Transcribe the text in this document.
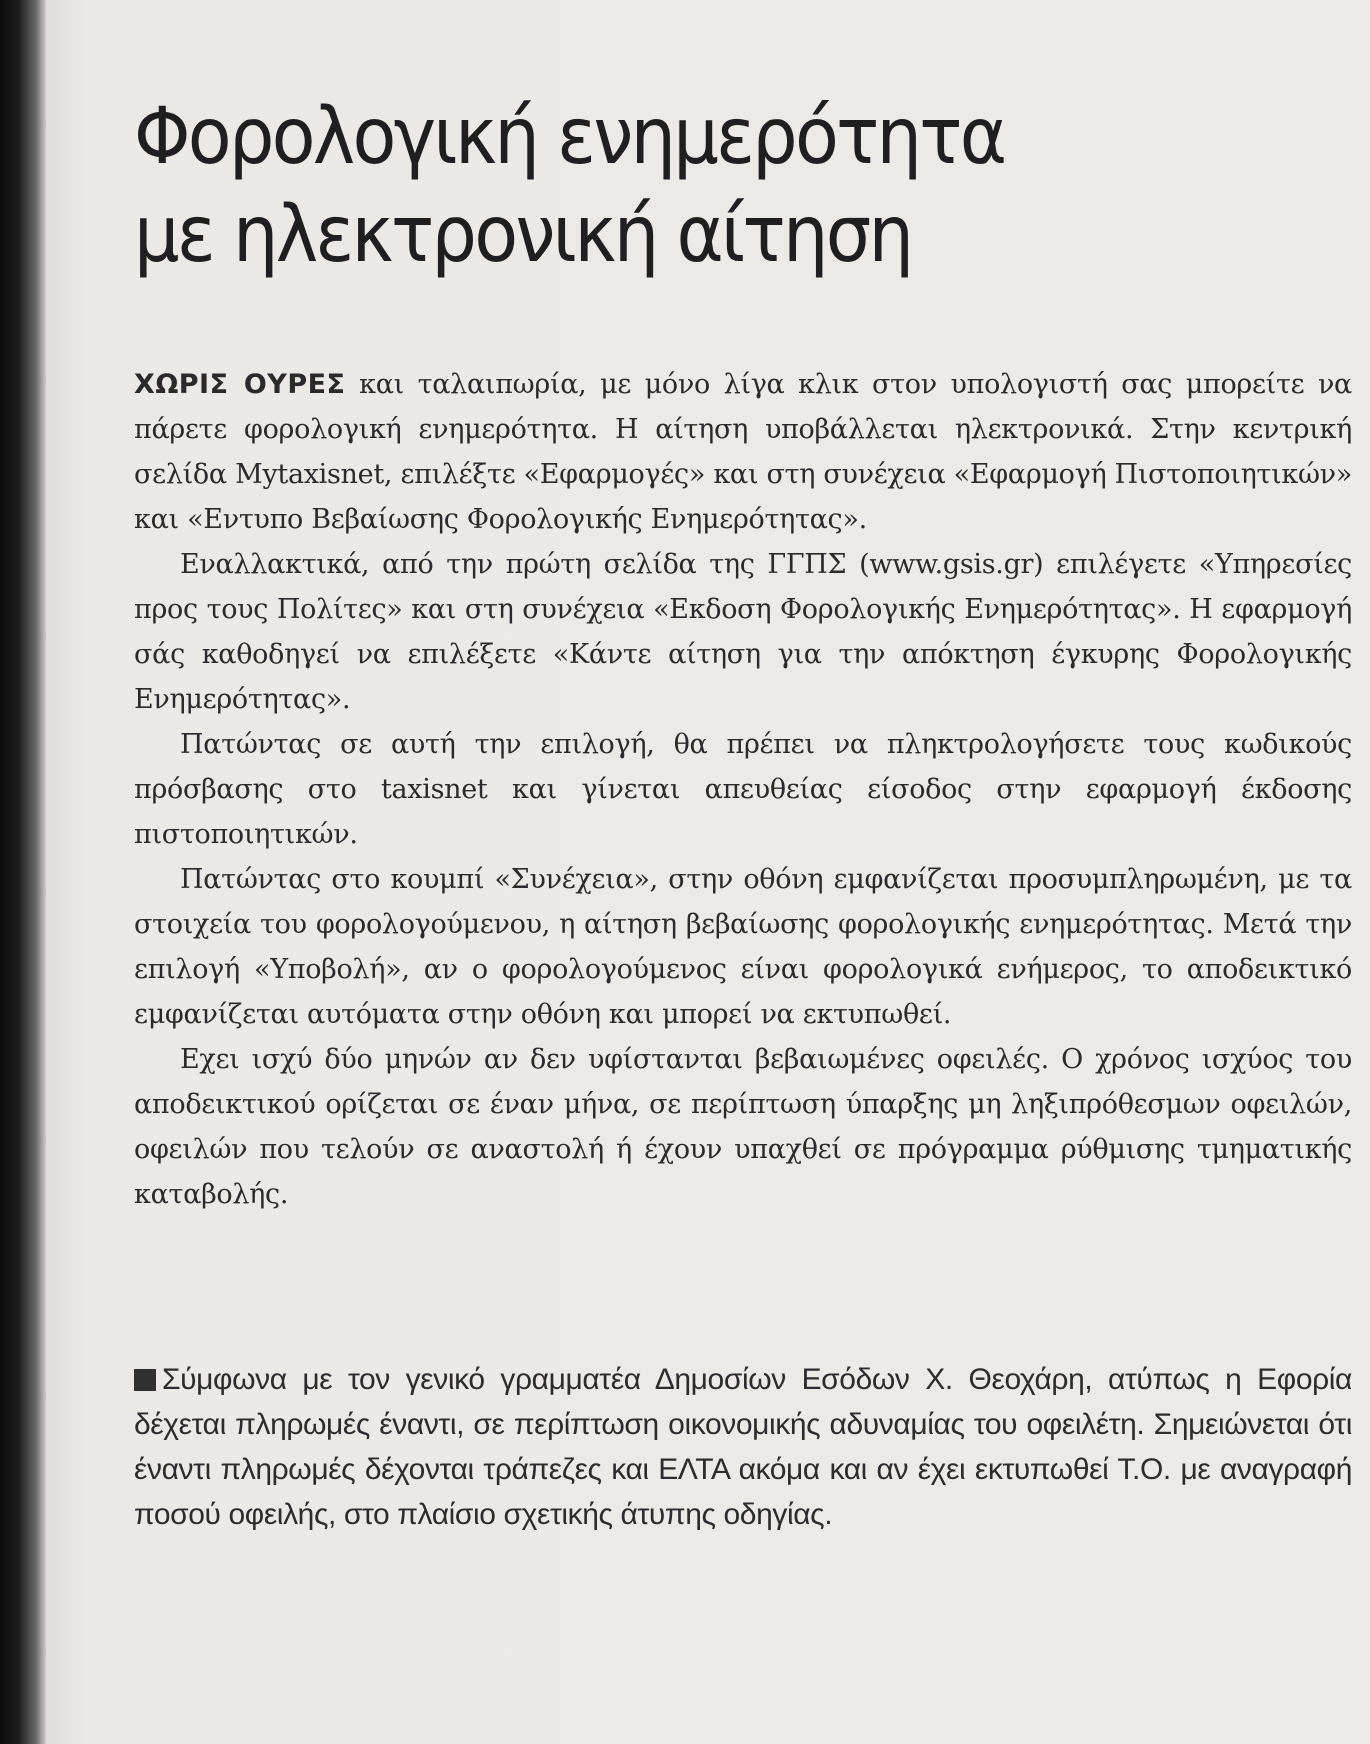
Φορολογική ενημερότητα
με ηλεκτρονική αίτηση

ΧΩΡΙΣ ΟΥΡΕΣ και ταλαιπωρία, με μόνο λίγα κλικ στον υπολογιστή σας μπορείτε να πάρετε φορολογική ενημερότητα. Η αίτηση υποβάλλεται ηλεκτρονικά. Στην κεντρική σελίδα Mytaxisnet, επιλέξτε «Εφαρμογές» και στη συνέχεια «Εφαρμογή Πιστοποιητικών» και «Εντυπο Βεβαίωσης Φορολογικής Ενημερότητας».

Εναλλακτικά, από την πρώτη σελίδα της ΓΓΠΣ (www.gsis.gr) επιλέγετε «Υπηρεσίες προς τους Πολίτες» και στη συνέχεια «Εκδοση Φορολογικής Ενημερότητας». Η εφαρμογή σάς καθοδηγεί να επιλέξετε «Κάντε αίτηση για την απόκτηση έγκυρης Φορολογικής Ενημερότητας».

Πατώντας σε αυτή την επιλογή, θα πρέπει να πληκτρολογήσετε τους κωδικούς πρόσβασης στο taxisnet και γίνεται απευθείας είσοδος στην εφαρμογή έκδοσης πιστοποιητικών.

Πατώντας στο κουμπί «Συνέχεια», στην οθόνη εμφανίζεται προσυμπληρωμένη, με τα στοιχεία του φορολογούμενου, η αίτηση βεβαίωσης φορολογικής ενημερότητας. Μετά την επιλογή «Υποβολή», αν ο φορολογούμενος είναι φορολογικά ενήμερος, το αποδεικτικό εμφανίζεται αυτόματα στην οθόνη και μπορεί να εκτυπωθεί.

Εχει ισχύ δύο μηνών αν δεν υφίστανται βεβαιωμένες οφειλές. Ο χρόνος ισχύος του αποδεικτικού ορίζεται σε έναν μήνα, σε περίπτωση ύπαρξης μη ληξιπρόθεσμων οφειλών, οφειλών που τελούν σε αναστολή ή έχουν υπαχθεί σε πρόγραμμα ρύθμισης τμηματικής καταβολής.

Σύμφωνα με τον γενικό γραμματέα Δημοσίων Εσόδων Χ. Θεοχάρη, ατύπως η Εφορία δέχεται πληρωμές έναντι, σε περίπτωση οικονομικής αδυναμίας του οφειλέτη. Σημειώνεται ότι έναντι πληρωμές δέχονται τράπεζες και ΕΛΤΑ ακόμα και αν έχει εκτυπωθεί Τ.Ο. με αναγραφή ποσού οφειλής, στο πλαίσιο σχετικής άτυπης οδηγίας.
